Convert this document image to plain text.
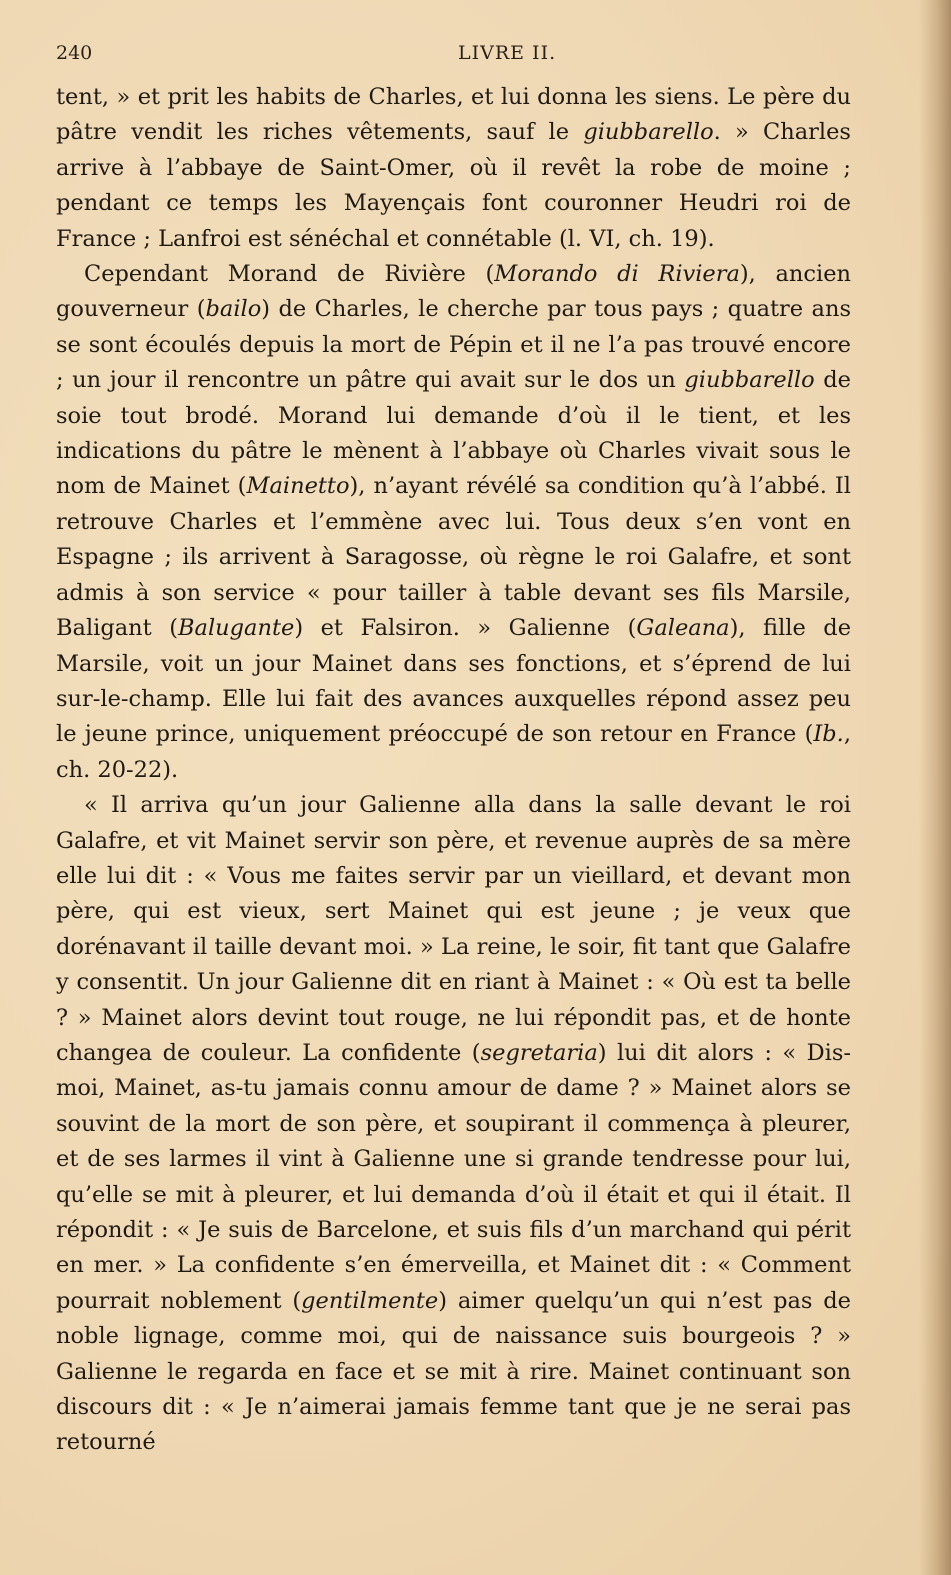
240	LIVRE II.

tent, » et prit les habits de Charles, et lui donna les siens. Le père du pâtre vendit les riches vêtements, sauf le giubbarello. » Charles arrive à l’abbaye de Saint-Omer, où il revêt la robe de moine ; pendant ce temps les Mayençais font couronner Heudri roi de France ; Lanfroi est sénéchal et connétable (l. VI, ch. 19).

Cependant Morand de Rivière (Morando di Riviera), ancien gouverneur (bailo) de Charles, le cherche par tous pays ; quatre ans se sont écoulés depuis la mort de Pépin et il ne l’a pas trouvé encore ; un jour il rencontre un pâtre qui avait sur le dos un giubbarello de soie tout brodé. Morand lui demande d’où il le tient, et les indications du pâtre le mènent à l’abbaye où Charles vivait sous le nom de Mainet (Mainetto), n’ayant révélé sa condition qu’à l’abbé. Il retrouve Charles et l’emmène avec lui. Tous deux s’en vont en Espagne ; ils arrivent à Saragosse, où règne le roi Galafre, et sont admis à son service « pour tailler à table devant ses fils Marsile, Baligant (Balugante) et Falsiron. » Galienne (Galeana), fille de Marsile, voit un jour Mainet dans ses fonctions, et s’éprend de lui sur-le-champ. Elle lui fait des avances auxquelles répond assez peu le jeune prince, uniquement préoccupé de son retour en France (Ib., ch. 20-22).

« Il arriva qu’un jour Galienne alla dans la salle devant le roi Galafre, et vit Mainet servir son père, et revenue auprès de sa mère elle lui dit : « Vous me faites servir par un vieillard, et devant mon père, qui est vieux, sert Mainet qui est jeune ; je veux que dorénavant il taille devant moi. » La reine, le soir, fit tant que Galafre y consentit. Un jour Galienne dit en riant à Mainet : « Où est ta belle ? » Mainet alors devint tout rouge, ne lui répondit pas, et de honte changea de couleur. La confidente (segretaria) lui dit alors : « Dis-moi, Mainet, as-tu jamais connu amour de dame ? » Mainet alors se souvint de la mort de son père, et soupirant il commença à pleurer, et de ses larmes il vint à Galienne une si grande tendresse pour lui, qu’elle se mit à pleurer, et lui demanda d’où il était et qui il était. Il répondit : « Je suis de Barcelone, et suis fils d’un marchand qui périt en mer. » La confidente s’en émerveilla, et Mainet dit : « Comment pourrait noblement (gentilmente) aimer quelqu’un qui n’est pas de noble lignage, comme moi, qui de naissance suis bourgeois ? » Galienne le regarda en face et se mit à rire. Mainet continuant son discours dit : « Je n’aimerai jamais femme tant que je ne serai pas retourné
